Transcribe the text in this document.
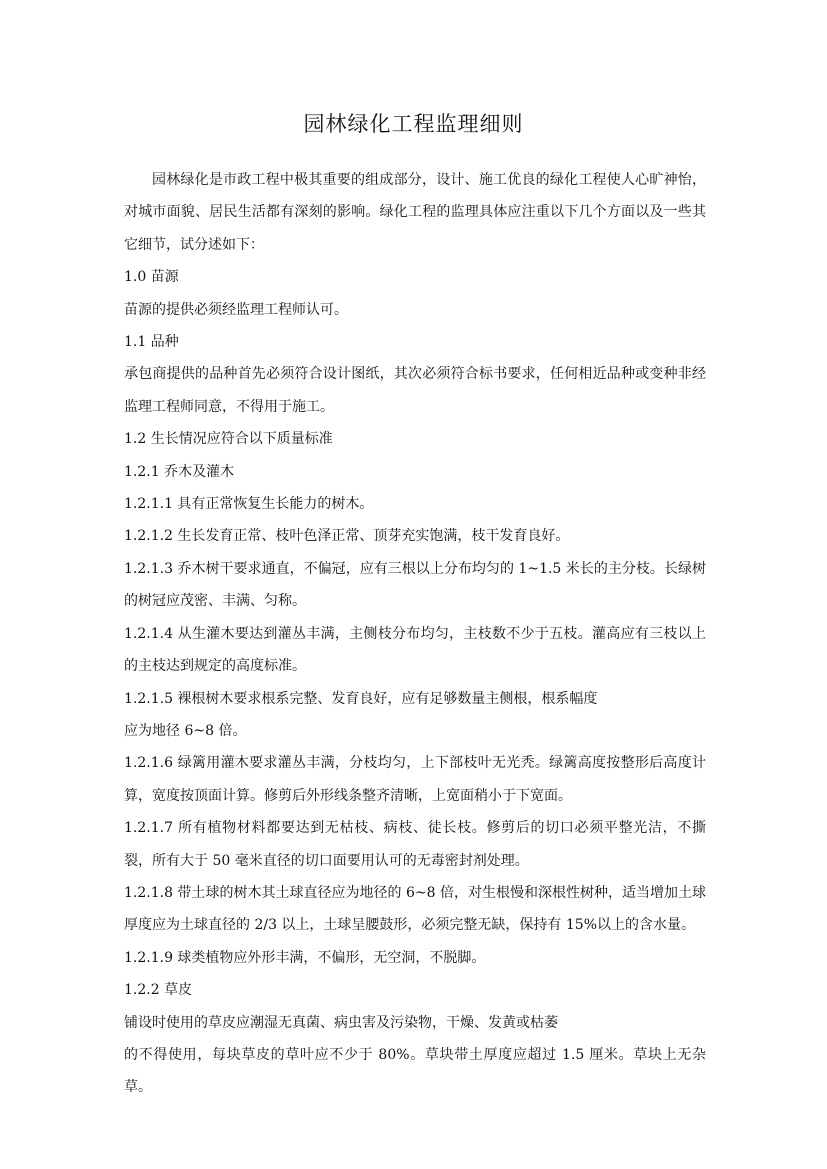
园林绿化工程监理细则

园林绿化是市政工程中极其重要的组成部分，设计、施工优良的绿化工程使人心旷神怡，对城市面貌、居民生活都有深刻的影响。绿化工程的监理具体应注重以下几个方面以及一些其它细节，试分述如下：

1.0 苗源

苗源的提供必须经监理工程师认可。

1.1 品种

承包商提供的品种首先必须符合设计图纸，其次必须符合标书要求，任何相近品种或变种非经监理工程师同意，不得用于施工。

1.2 生长情况应符合以下质量标准

1.2.1 乔木及灌木

1.2.1.1 具有正常恢复生长能力的树木。

1.2.1.2 生长发育正常、枝叶色泽正常、顶芽充实饱满，枝干发育良好。

1.2.1.3 乔木树干要求通直，不偏冠，应有三根以上分布均匀的 1~1.5 米长的主分枝。长绿树的树冠应茂密、丰满、匀称。

1.2.1.4 从生灌木要达到灌丛丰满，主侧枝分布均匀，主枝数不少于五枝。灌高应有三枝以上的主枝达到规定的高度标准。

1.2.1.5 裸根树木要求根系完整、发育良好，应有足够数量主侧根，根系幅度

应为地径 6~8 倍。

1.2.1.6 绿篱用灌木要求灌丛丰满，分枝均匀，上下部枝叶无光秃。绿篱高度按整形后高度计算，宽度按顶面计算。修剪后外形线条整齐清晰，上宽面稍小于下宽面。

1.2.1.7 所有植物材料都要达到无枯枝、病枝、徒长枝。修剪后的切口必须平整光洁，不撕裂，所有大于 50 毫米直径的切口面要用认可的无毒密封剂处理。

1.2.1.8 带土球的树木其土球直径应为地径的 6~8 倍，对生根慢和深根性树种，适当增加土球厚度应为土球直径的 2/3 以上，土球呈腰鼓形，必须完整无缺，保持有 15%以上的含水量。

1.2.1.9 球类植物应外形丰满，不偏形，无空洞，不脱脚。

1.2.2 草皮

铺设时使用的草皮应潮湿无真菌、病虫害及污染物，干燥、发黄或枯萎

的不得使用，每块草皮的草叶应不少于 80%。草块带土厚度应超过 1.5 厘米。草块上无杂草。
